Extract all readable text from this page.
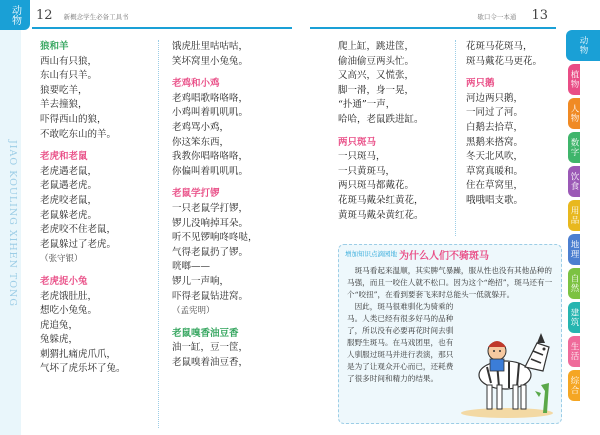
动物
JIAO KOULING XIHEN TONG
12 新概念学生必备工具书	歇口令一本通 13
狼和羊
西山有只狼，
东山有只羊。
狼要吃羊，
羊去撞狼，
吓得西山的狼，
不敢吃东山的羊。
老虎和老鼠
老虎遇老鼠，
老鼠遇老虎。
老虎咬老鼠，
老鼠躲老虎。
老虎咬不住老鼠，
老鼠躲过了老虎。
（张守银）
老虎捉小兔
老虎饿肚肚，
想吃小兔兔。
虎追兔，
兔躲虎，
刺猬扎痛虎爪爪，
气坏了虎乐坏了兔。
饿虎肚里咕咕咕，
笑坏窝里小兔兔。
老鸡和小鸡
老鸡唱歌咯咯咯，
小鸡叫着叽叽叽。
老鸡骂小鸡，
你这笨东西，
我教你唱咯咯咯，
你偏叫着叽叽叽。
老鼠学打锣
一只老鼠学打锣，
锣儿没响掉耳朵。
听不见锣响咚咚哒，
气得老鼠扔了锣。
咣啷——
锣儿一声响，
吓得老鼠钻进窝。
（孟宪明）
老鼠嗅香油豆香
油一缸，豆一筐，
老鼠嗅着油豆香，
爬上缸，跳进筐，
偷油偷豆两头忙。
又高兴，又慌张，
脚一滑，身一晃，
“扑通”一声，
哈哈，老鼠跌进缸。
两只斑马
一只斑马，
一只黄斑马，
两只斑马都戴花。
花斑马戴朵红黄花，
黄斑马戴朵黄红花。
花斑马花斑马，
斑马戴花马更花。
两只鹅
河边两只鹅，
一同过了河。
白鹅去拾草，
黑鹅来搭窝。
冬天北风吹，
草窝真暖和。
住在草窝里，
哦哦唱支歌。
动物
植物
人物
数字
饮食
用品
地理
自然
建筑
生活
综合
增加知识点滴园地 为什么人们不骑斑马
斑马看起来温顺，其实脾气暴躁，服从性也没有其他品种的马强，而且一咬住人就不松口。因为这个“绝招”，斑马还有一个“咬扭”，在看到要套飞来时总能头一低就躲开。
因此，斑马很难驯化为骑乘的马。人类已经有很多好马的品种了，所以没有必要再花时间去驯服野生斑马。在马戏团里，也有人驯服过斑马并进行表演，那只是为了让观众开心而已，还耗费了很多时间和精力的结果。
